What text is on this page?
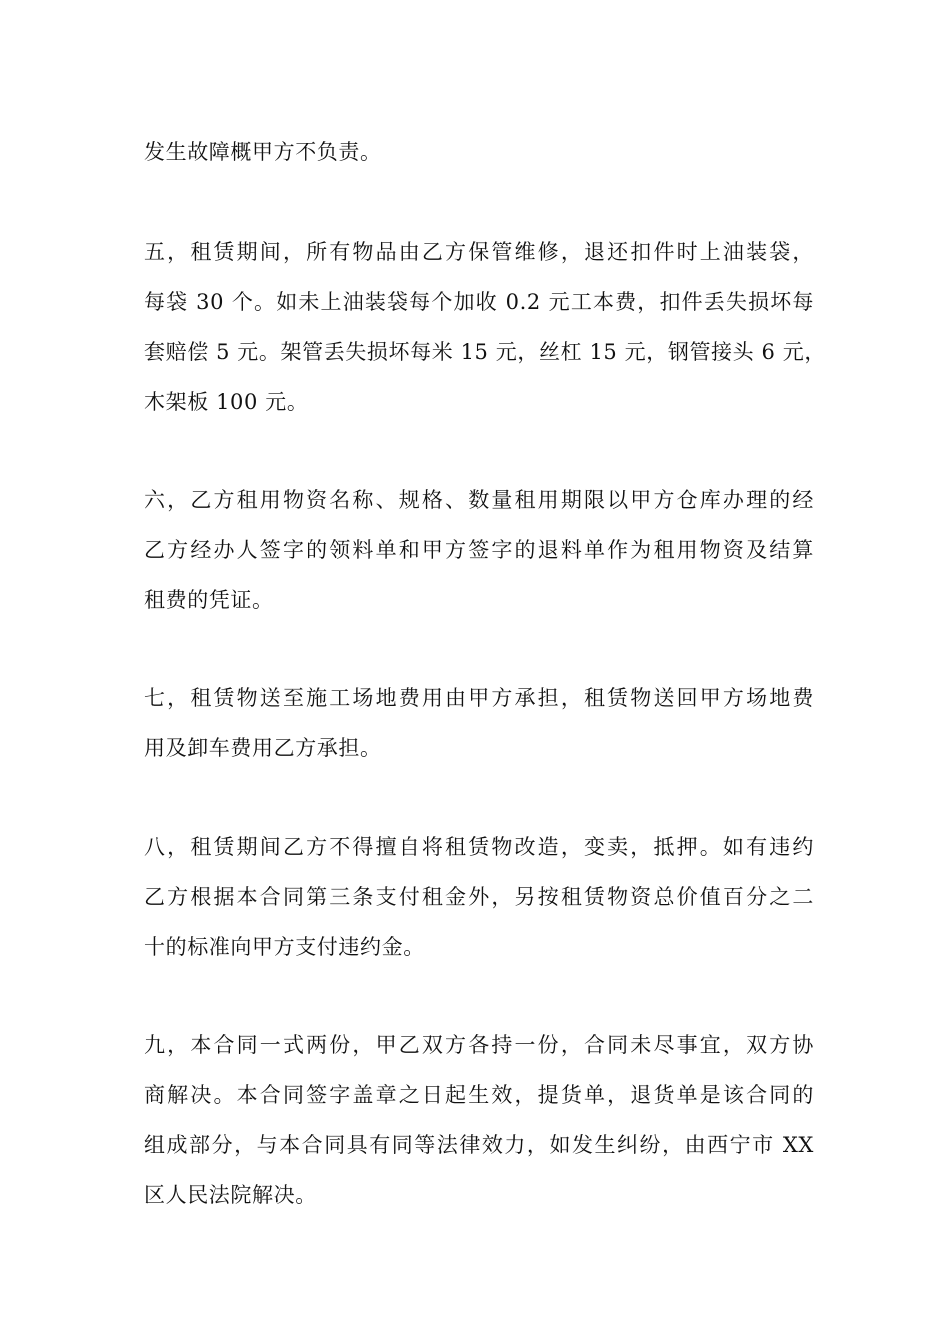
发生故障概甲方不负责。
五，租赁期间，所有物品由乙方保管维修，退还扣件时上油装袋，
每袋 30 个。如未上油装袋每个加收 0.2 元工本费，扣件丢失损坏每
套赔偿 5 元。架管丢失损坏每米 15 元，丝杠 15 元，钢管接头 6 元，
木架板 100 元。
六，乙方租用物资名称、规格、数量租用期限以甲方仓库办理的经
乙方经办人签字的领料单和甲方签字的退料单作为租用物资及结算
租费的凭证。
七，租赁物送至施工场地费用由甲方承担，租赁物送回甲方场地费
用及卸车费用乙方承担。
八，租赁期间乙方不得擅自将租赁物改造，变卖，抵押。如有违约
乙方根据本合同第三条支付租金外，另按租赁物资总价值百分之二
十的标准向甲方支付违约金。
九，本合同一式两份，甲乙双方各持一份，合同未尽事宜，双方协
商解决。本合同签字盖章之日起生效，提货单，退货单是该合同的
组成部分，与本合同具有同等法律效力，如发生纠纷，由西宁市 XX
区人民法院解决。
